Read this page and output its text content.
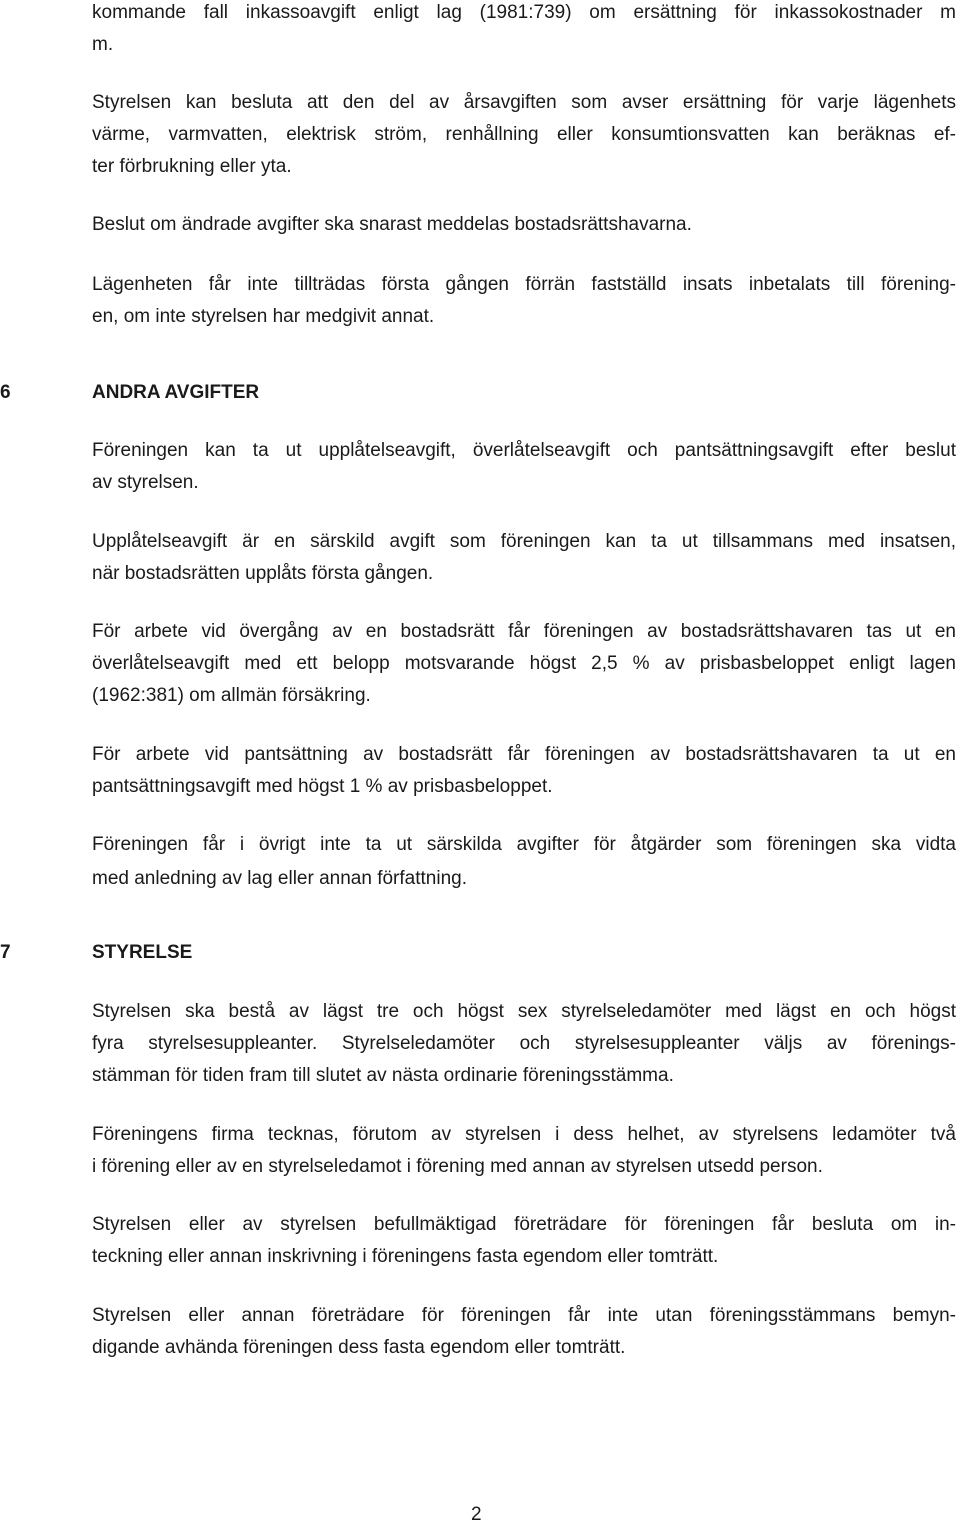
kommande fall inkassoavgift enligt lag (1981:739) om ersättning för inkassokostnader m
m.
Styrelsen kan besluta att den del av årsavgiften som avser ersättning för varje lägenhets
värme, varmvatten, elektrisk ström, renhållning eller konsumtionsvatten kan beräknas ef-
ter förbrukning eller yta.
Beslut om ändrade avgifter ska snarast meddelas bostadsrättshavarna.
Lägenheten får inte tillträdas första gången förrän fastställd insats inbetalats till förening-
en, om inte styrelsen har medgivit annat.
6	ANDRA AVGIFTER
Föreningen kan ta ut upplåtelseavgift, överlåtelseavgift och pantsättningsavgift efter beslut
av styrelsen.
Upplåtelseavgift är en särskild avgift som föreningen kan ta ut tillsammans med insatsen,
när bostadsrätten upplåts första gången.
För arbete vid övergång av en bostadsrätt får föreningen av bostadsrättshavaren tas ut en
överlåtelseavgift med ett belopp motsvarande högst 2,5 % av prisbasbeloppet enligt lagen
(1962:381) om allmän försäkring.
För arbete vid pantsättning av bostadsrätt får föreningen av bostadsrättshavaren ta ut en
pantsättningsavgift med högst 1 % av prisbasbeloppet.
Föreningen får i övrigt inte ta ut särskilda avgifter för åtgärder som föreningen ska vidta
med anledning av lag eller annan författning.
7	STYRELSE
Styrelsen ska bestå av lägst tre och högst sex styrelseledamöter med lägst en och högst
fyra styrelsesuppleanter. Styrelseledamöter och styrelsesuppleanter väljs av förenings-
stämman för tiden fram till slutet av nästa ordinarie föreningsstämma.
Föreningens firma tecknas, förutom av styrelsen i dess helhet, av styrelsens ledamöter två
i förening eller av en styrelseledamot i förening med annan av styrelsen utsedd person.
Styrelsen eller av styrelsen befullmäktigad företrädare för föreningen får besluta om in-
teckning eller annan inskrivning i föreningens fasta egendom eller tomträtt.
Styrelsen eller annan företrädare för föreningen får inte utan föreningsstämmans bemyn-
digande avhända föreningen dess fasta egendom eller tomträtt.
2
